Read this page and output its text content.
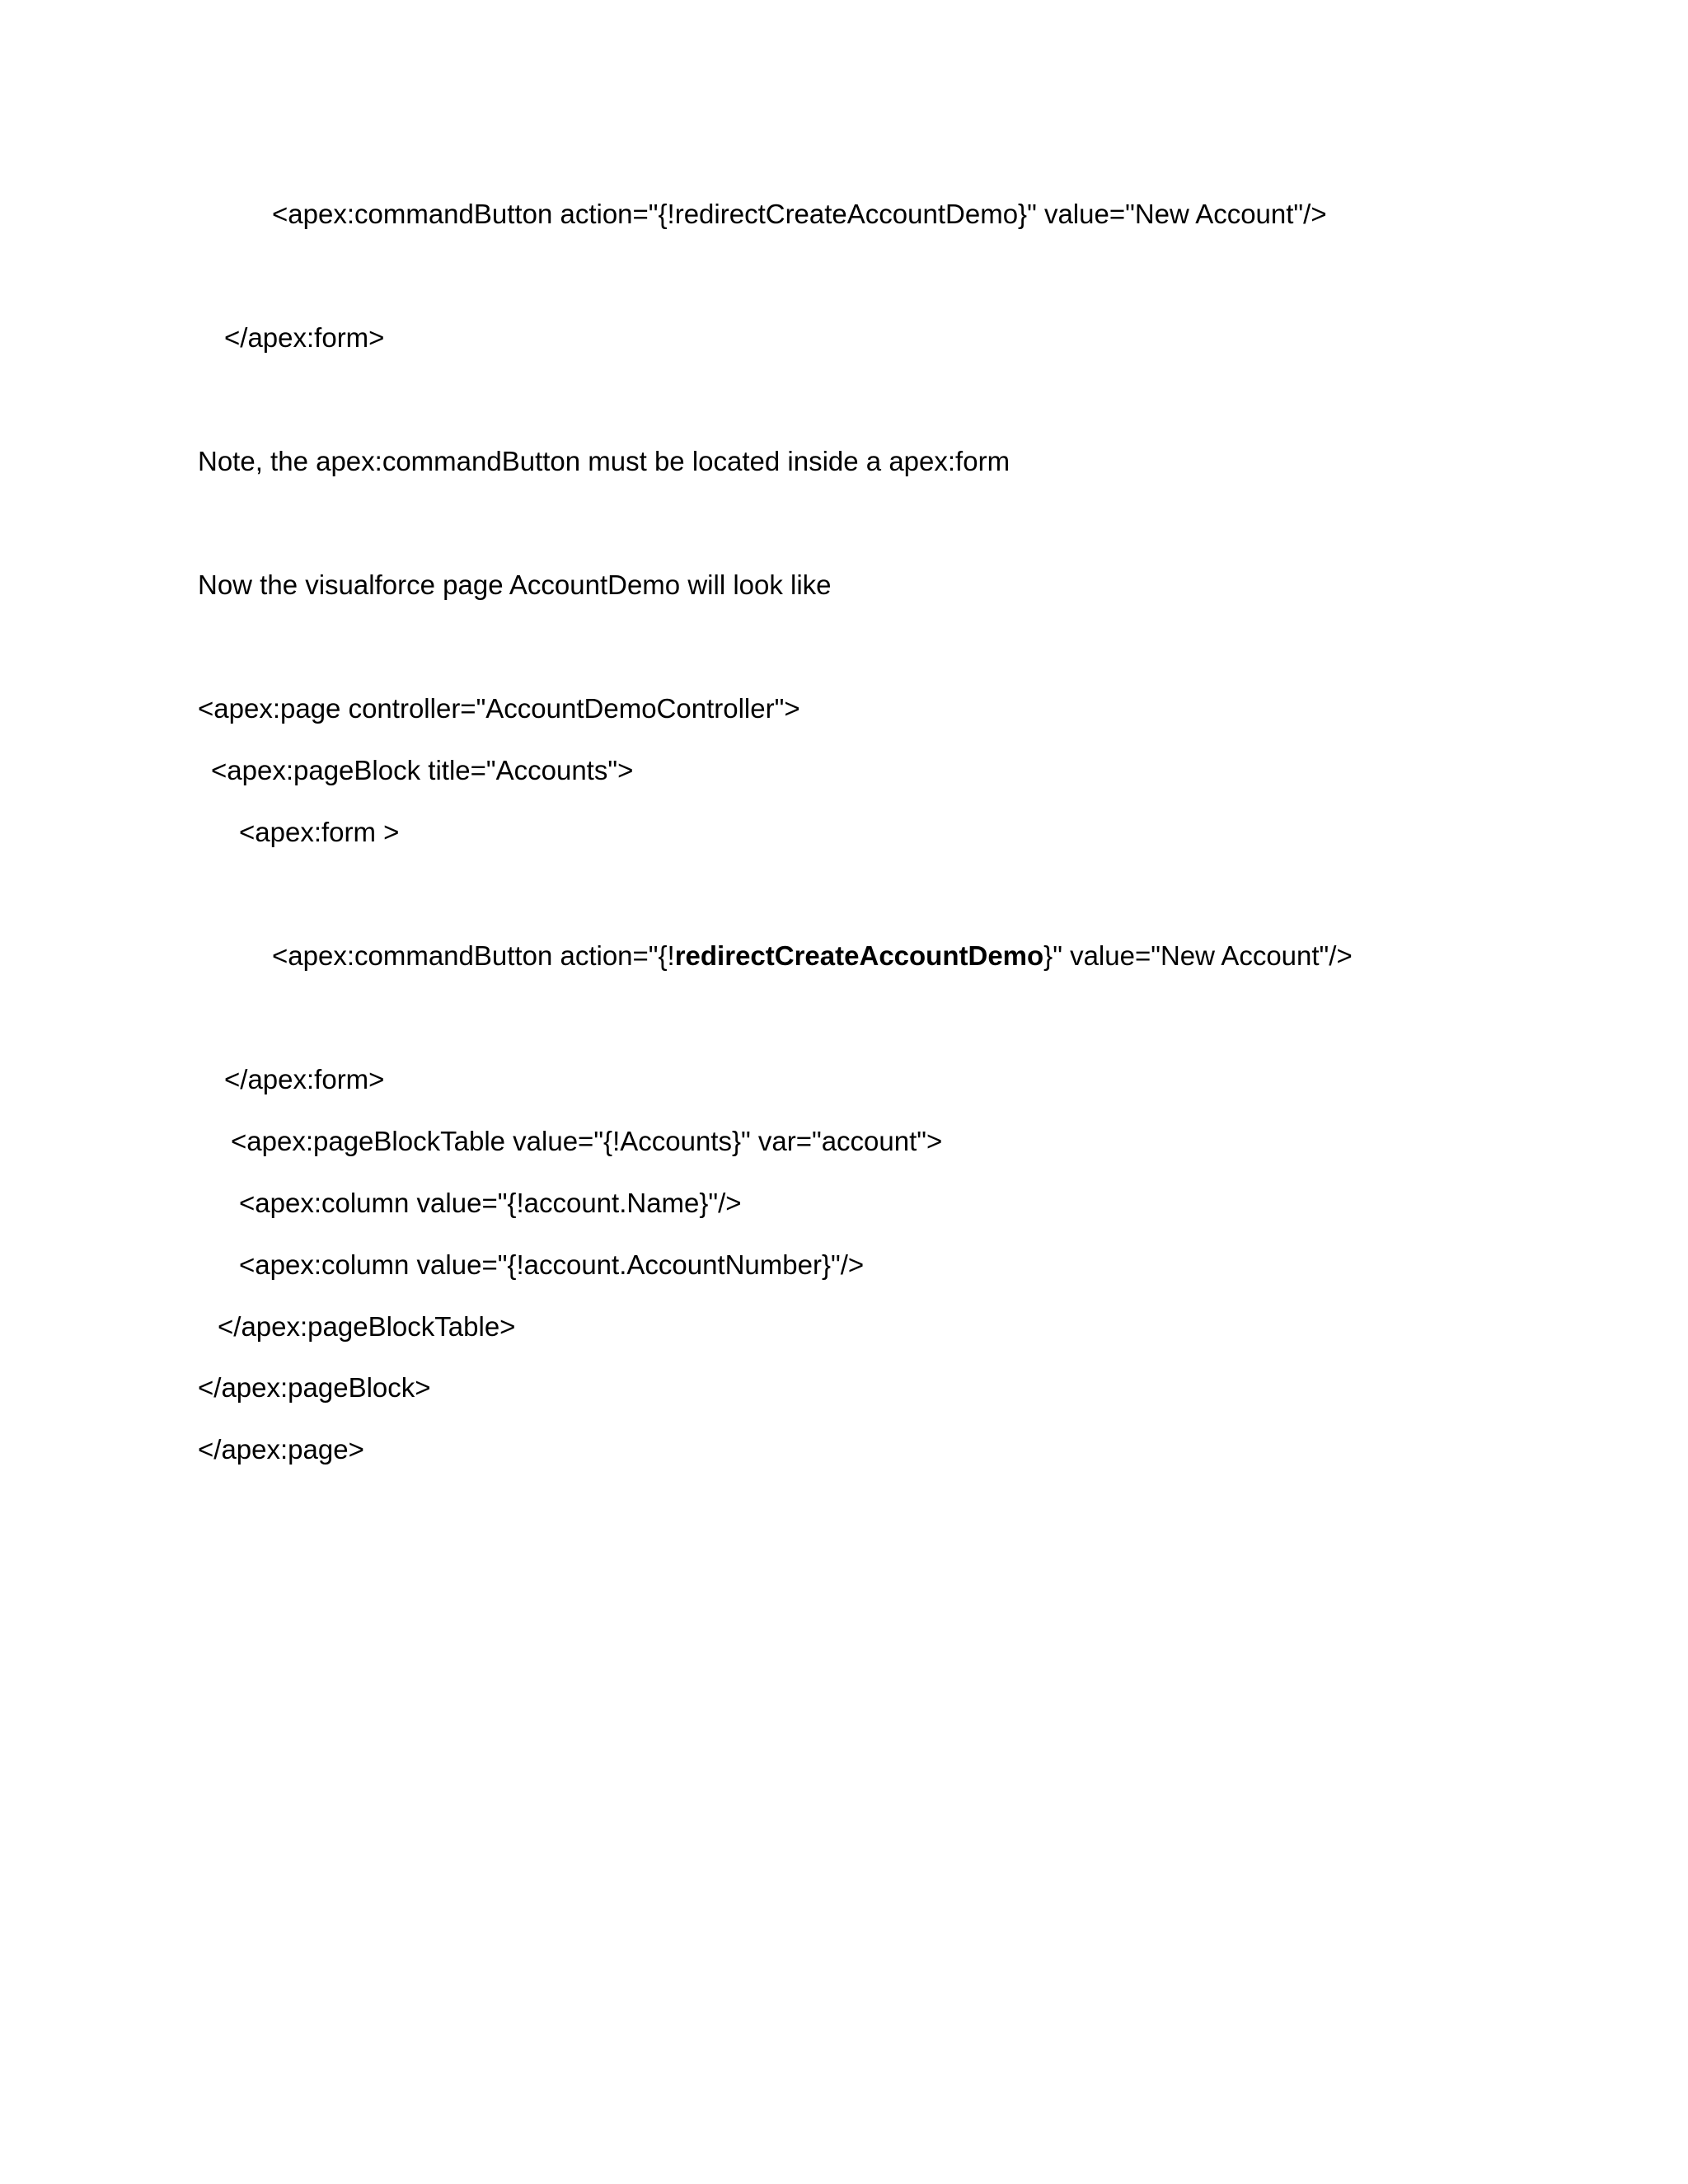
<apex:commandButton action="{!redirectCreateAccountDemo}" value="New Account"/>
</apex:form>
Note, the apex:commandButton must be located inside a apex:form
Now the visualforce page AccountDemo will look like
<apex:page controller="AccountDemoController">
<apex:pageBlock title="Accounts">
<apex:form >
<apex:commandButton action="{!redirectCreateAccountDemo}" value="New Account"/>
</apex:form>
<apex:pageBlockTable value="{!Accounts}" var="account">
<apex:column value="{!account.Name}"/>
<apex:column value="{!account.AccountNumber}"/>
</apex:pageBlockTable>
</apex:pageBlock>
</apex:page>
